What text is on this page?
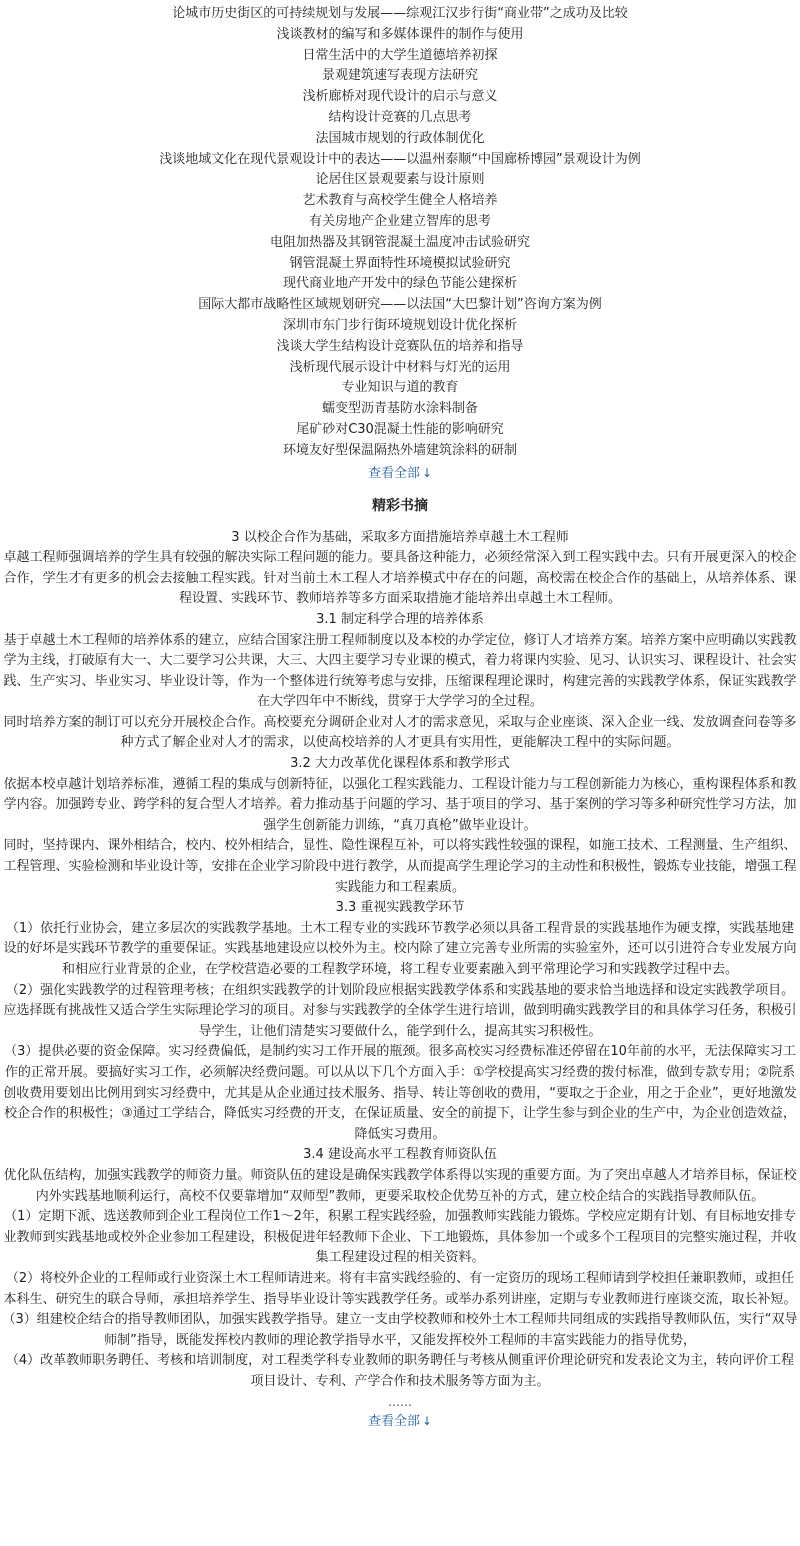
论城市历史街区的可持续规划与发展——综观江汉步行街“商业带”之成功及比较
浅谈教材的编写和多媒体课件的制作与使用
日常生活中的大学生道德培养初探
景观建筑速写表现方法研究
浅析廊桥对现代设计的启示与意义
结构设计竞赛的几点思考
法国城市规划的行政体制优化
浅谈地域文化在现代景观设计中的表达——以温州泰顺“中国廊桥博园”景观设计为例
论居住区景观要素与设计原则
艺术教育与高校学生健全人格培养
有关房地产企业建立智库的思考
电阻加热器及其钢管混凝土温度冲击试验研究
钢管混凝土界面特性环境模拟试验研究
现代商业地产开发中的绿色节能公建探析
国际大都市战略性区域规划研究——以法国“大巴黎计划”咨询方案为例
深圳市东门步行街环境规划设计优化探析
浅谈大学生结构设计竞赛队伍的培养和指导
浅析现代展示设计中材料与灯光的运用
专业知识与道的教育
蠕变型沥青基防水涂料制备
尾矿砂对C30混凝土性能的影响研究
环境友好型保温隔热外墙建筑涂料的研制
查看全部 ↓
精彩书摘

3 以校企合作为基础，采取多方面措施培养卓越土木工程师

卓越工程师强调培养的学生具有较强的解决实际工程问题的能力。要具备这种能力，必须经常深入到工程实践中去。只有开展更深入的校企合作，学生才有更多的机会去接触工程实践。针对当前土木工程人才培养模式中存在的问题，高校需在校企合作的基础上，从培养体系、课程设置、实践环节、教师培养等多方面采取措施才能培养出卓越土木工程师。

3.1 制定科学合理的培养体系

基于卓越土木工程师的培养体系的建立，应结合国家注册工程师制度以及本校的办学定位，修订人才培养方案。培养方案中应明确以实践教学为主线，打破原有大一、大二要学习公共课，大三、大四主要学习专业课的模式，着力将课内实验、见习、认识实习、课程设计、社会实践、生产实习、毕业实习、毕业设计等，作为一个整体进行统筹考虑与安排，压缩课程理论课时，构建完善的实践教学体系，保证实践教学在大学四年中不断线，贯穿于大学学习的全过程。

同时培养方案的制订可以充分开展校企合作。高校要充分调研企业对人才的需求意见，采取与企业座谈、深入企业一线、发放调查问卷等多种方式了解企业对人才的需求，以使高校培养的人才更具有实用性，更能解决工程中的实际问题。

3.2 大力改革优化课程体系和教学形式

依据本校卓越计划培养标准，遵循工程的集成与创新特征，以强化工程实践能力、工程设计能力与工程创新能力为核心，重构课程体系和教学内容。加强跨专业、跨学科的复合型人才培养。着力推动基于问题的学习、基于项目的学习、基于案例的学习等多种研究性学习方法，加强学生创新能力训练，“真刀真枪”做毕业设计。

同时，坚持课内、课外相结合，校内、校外相结合，显性、隐性课程互补，可以将实践性较强的课程，如施工技术、工程测量、生产组织、工程管理、实验检测和毕业设计等，安排在企业学习阶段中进行教学，从而提高学生理论学习的主动性和积极性，锻炼专业技能，增强工程实践能力和工程素质。

3.3 重视实践教学环节

（1）依托行业协会，建立多层次的实践教学基地。土木工程专业的实践环节教学必须以具备工程背景的实践基地作为硬支撑，实践基地建设的好坏是实践环节教学的重要保证。实践基地建设应以校外为主。校内除了建立完善专业所需的实验室外，还可以引进符合专业发展方向和相应行业背景的企业，在学校营造必要的工程教学环境，将工程专业要素融入到平常理论学习和实践教学过程中去。

（2）强化实践教学的过程管理考核；在组织实践教学的计划阶段应根据实践教学体系和实践基地的要求恰当地选择和设定实践教学项目。应选择既有挑战性又适合学生实际理论学习的项目。对参与实践教学的全体学生进行培训，做到明确实践教学目的和具体学习任务，积极引导学生，让他们清楚实习要做什么，能学到什么，提高其实习积极性。

（3）提供必要的资金保障。实习经费偏低，是制约实习工作开展的瓶颈。很多高校实习经费标准还停留在10年前的水平，无法保障实习工作的正常开展。要搞好实习工作，必须解决经费问题。可以从以下几个方面入手：①学校提高实习经费的拨付标准，做到专款专用；②院系创收费用要划出比例用到实习经费中，尤其是从企业通过技术服务、指导、转让等创收的费用，“要取之于企业，用之于企业”，更好地激发校企合作的积极性；③通过工学结合，降低实习经费的开支，在保证质量、安全的前提下，让学生参与到企业的生产中，为企业创造效益，降低实习费用。

3.4 建设高水平工程教育师资队伍

优化队伍结构，加强实践教学的师资力量。师资队伍的建设是确保实践教学体系得以实现的重要方面。为了突出卓越人才培养目标，保证校内外实践基地顺利运行，高校不仅要靠增加“双师型”教师，更要采取校企优势互补的方式，建立校企结合的实践指导教师队伍。

（1）定期下派、选送教师到企业工程岗位工作1～2年，积累工程实践经验，加强教师实践能力锻炼。学校应定期有计划、有目标地安排专业教师到实践基地或校外企业参加工程建设，积极促进年轻教师下企业、下工地锻炼，具体参加一个或多个工程项目的完整实施过程，并收集工程建设过程的相关资料。

（2）将校外企业的工程师或行业资深土木工程师请进来。将有丰富实践经验的、有一定资历的现场工程师请到学校担任兼职教师，或担任本科生、研究生的联合导师，承担培养学生、指导毕业设计等实践教学任务。或举办系列讲座，定期与专业教师进行座谈交流，取长补短。

（3）组建校企结合的指导教师团队，加强实践教学指导。建立一支由学校教师和校外土木工程师共同组成的实践指导教师队伍，实行“双导师制”指导，既能发挥校内教师的理论教学指导水平，又能发挥校外工程师的丰富实践能力的指导优势，

（4）改革教师职务聘任、考核和培训制度，对工程类学科专业教师的职务聘任与考核从侧重评价理论研究和发表论文为主，转向评价工程项目设计、专利、产学合作和技术服务等方面为主。

……
查看全部 ↓
